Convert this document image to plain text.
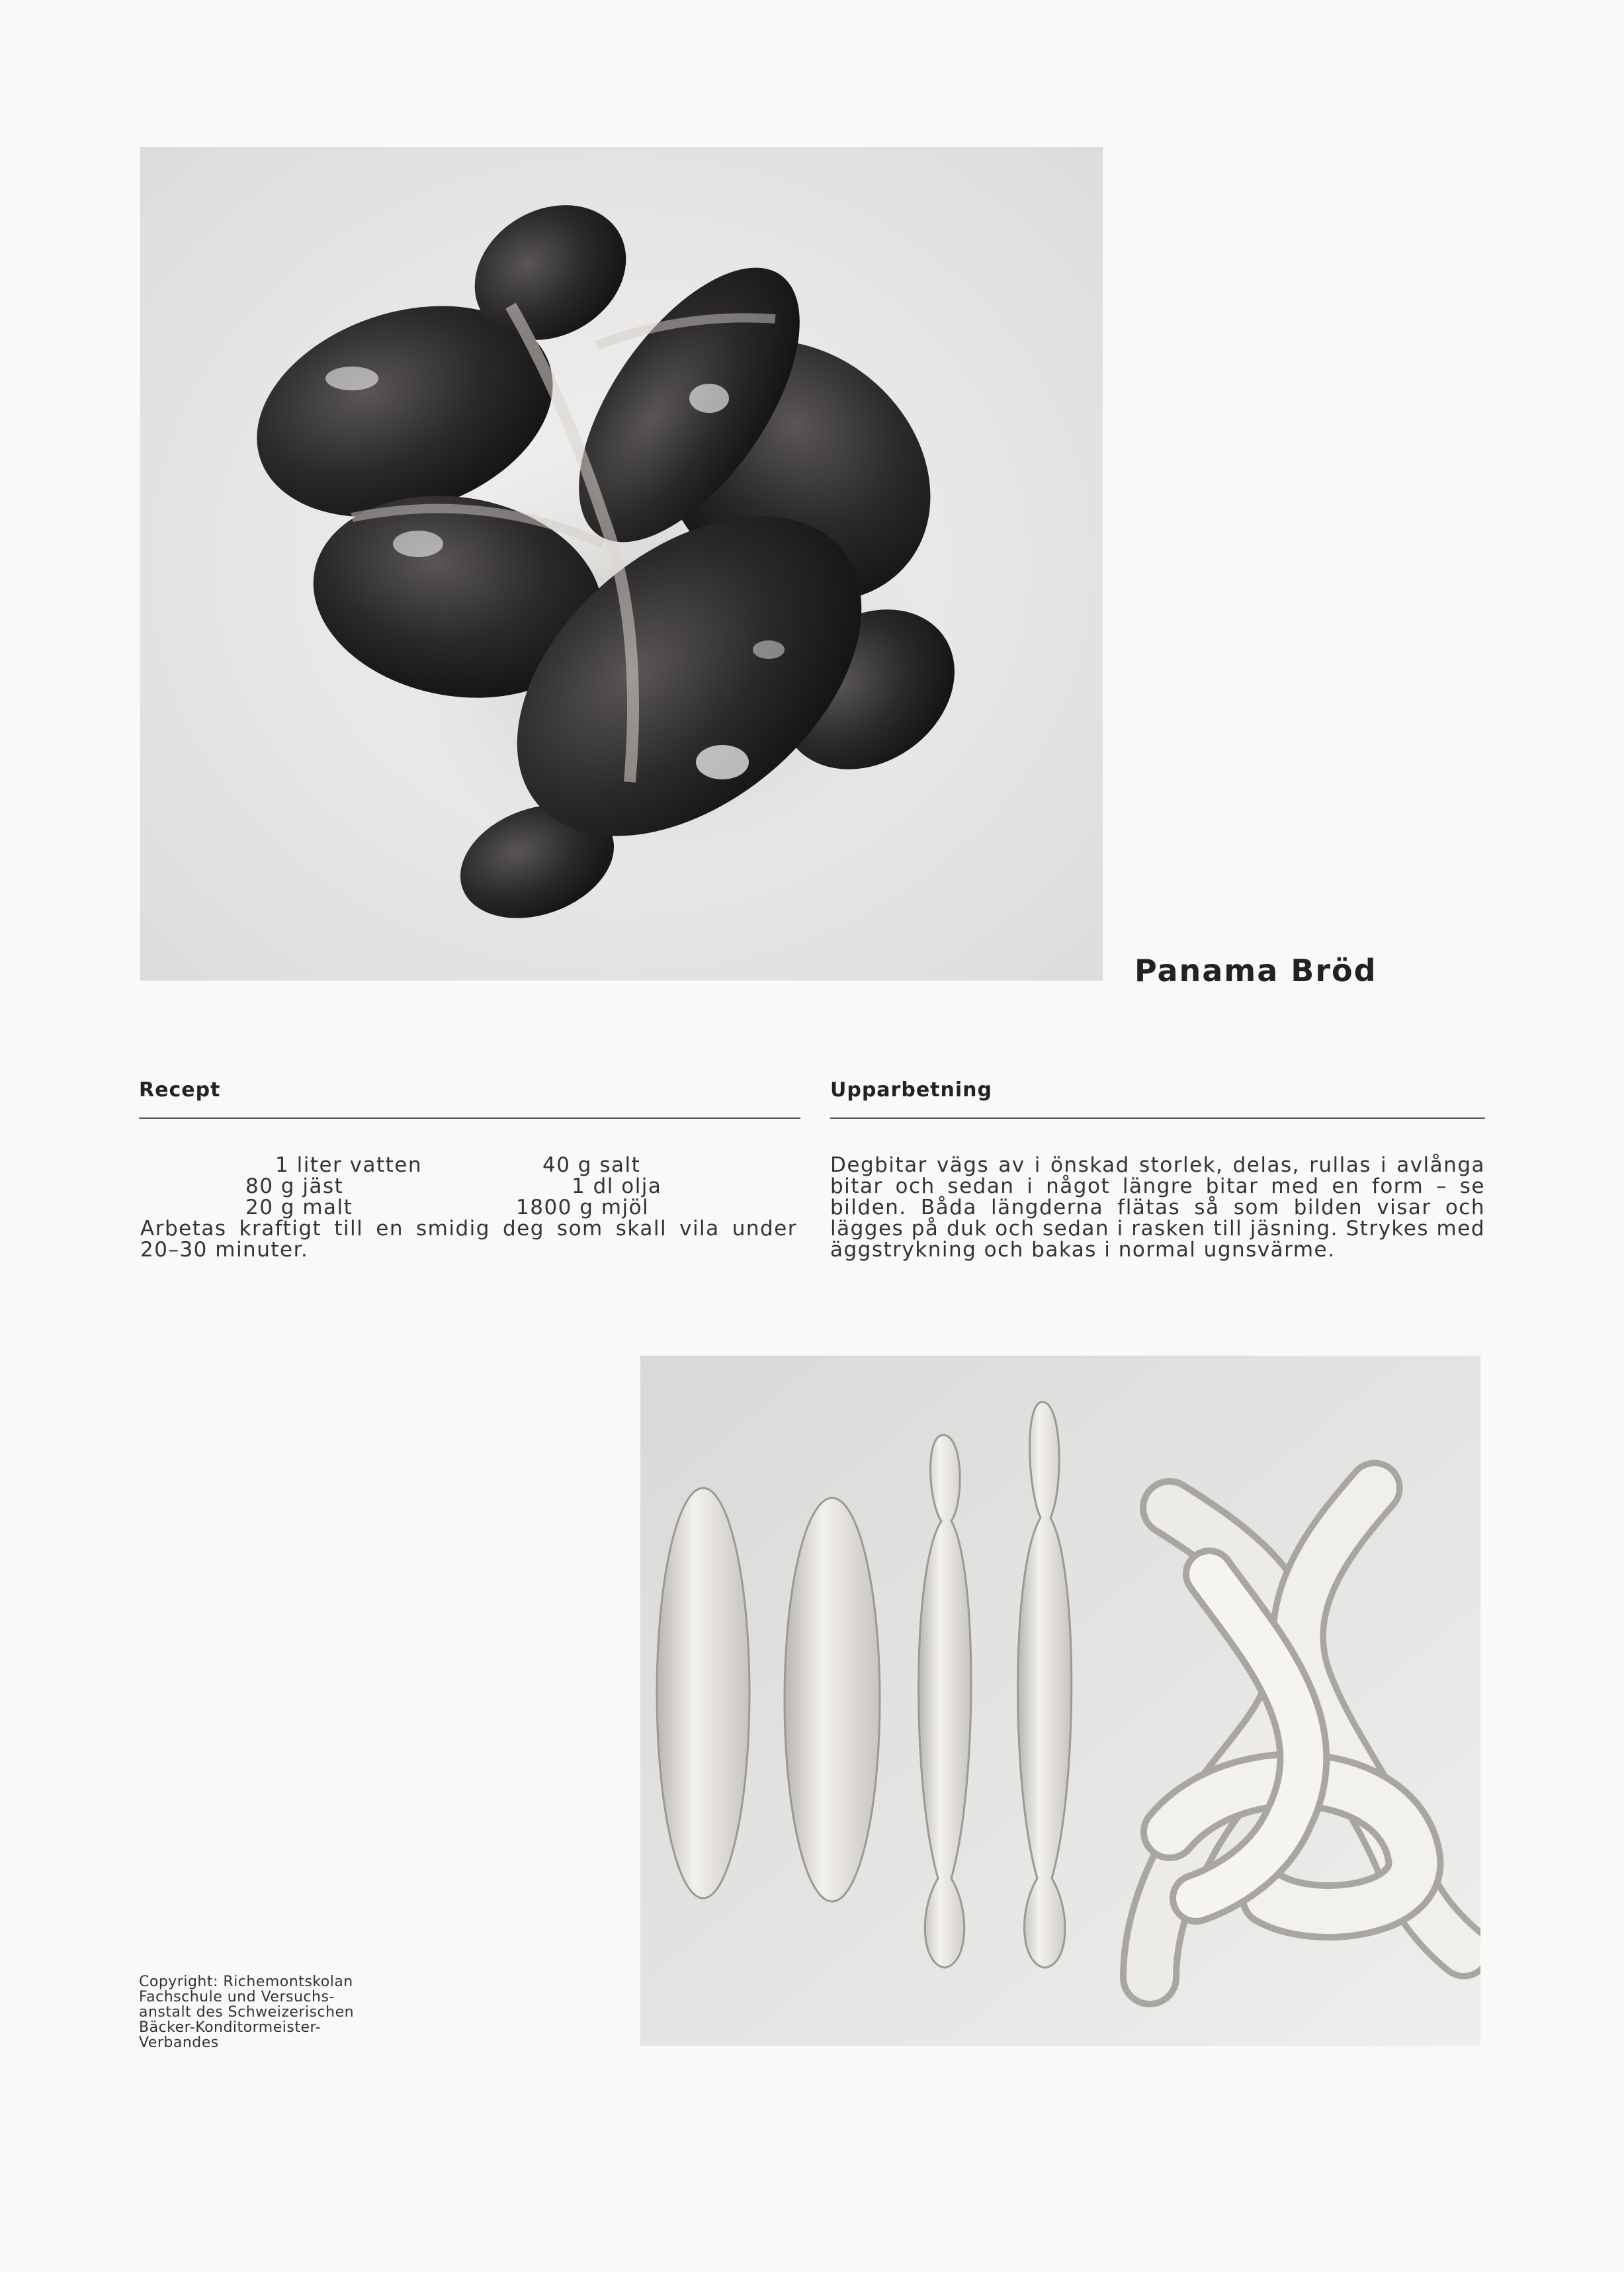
Panama Bröd
Recept	Upparbetning
1 liter vatten
80 g jäst
20 g malt
40 g salt
1 dl olja
1800 g mjöl
Arbetas kraftigt till en smidig deg som skall vila under 20–30 minuter.
Degbitar vägs av i önskad storlek, delas, rullas i avlånga bitar och sedan i något längre bitar med en form – se bilden. Båda längderna flätas så som bilden visar och lägges på duk och sedan i rasken till jäsning. Strykes med äggstrykning och bakas i normal ugnsvärme.
Copyright: Richemontskolan
Fachschule und Versuchs-
anstalt des Schweizerischen
Bäcker-Konditormeister-
Verbandes
